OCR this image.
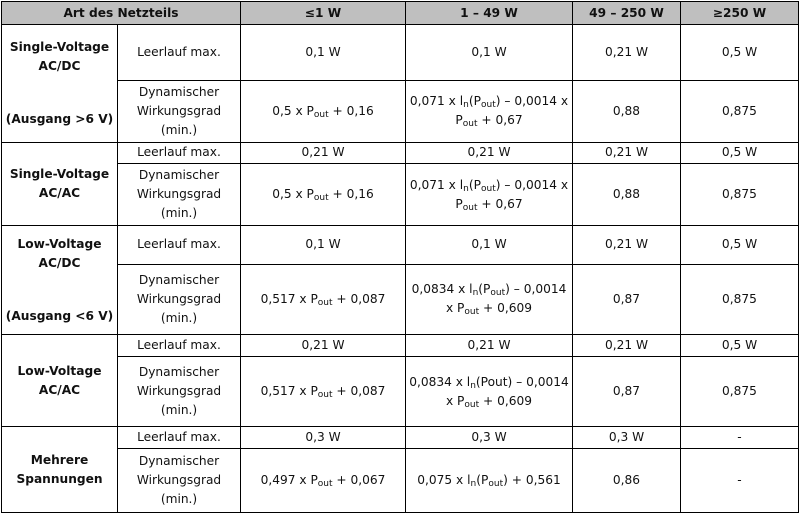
Art des Netzteils		≤1 W	1 – 49 W	49 – 250 W	≥250 W

Single-Voltage
AC/DC
(Ausgang >6 V)	Leerlauf max.	0,1 W	0,1 W	0,21 W	0,5 W
	Dynamischer Wirkungsgrad (min.)	0,5 x $P_{out} + 0,16$	0,071 x $l_n(P_{out}) - 0,0014$ x
$P_{out} + 0,67$	0,88	0,875

Single-Voltage
AC/AC	Leerlauf max.	0,21 W	0,21 W	0,21 W	0,5 W
	Dynamischer Wirkungsgrad (min.)	0,5 x $P_{out} + 0,16$	0,071 x $l_n(P_{out}) - 0,0014$ x
$P_{out} + 0,67$	0,88	0,875

Low-Voltage
AC/DC
(Ausgang <6 V)	Leerlauf max.	0,1 W	0,1 W	0,21 W	0,5 W
	Dynamischer Wirkungsgrad (min.)	0,517 x $P_{out} + 0,087$	0,0834 x $l_n(P_{out}) - 0,0014$
x $P_{out} + 0,609$	0,87	0,875

Low-Voltage
AC/AC	Leerlauf max.	0,21 W	0,21 W	0,21 W	0,5 W
	Dynamischer Wirkungsgrad (min.)	0,517 x $P_{out} + 0,087$	0,0834 x $l_n(Pout) - 0,0014$
x $P_{out} + 0,609$	0,87	0,875

Mehrere
Spannungen	Leerlauf max.	0,3 W	0,3 W	0,3 W	-
	Dynamischer Wirkungsgrad (min.)	0,497 x $P_{out} + 0,067$	0,075 x $l_n(P_{out}) + 0,561$	0,86	-
